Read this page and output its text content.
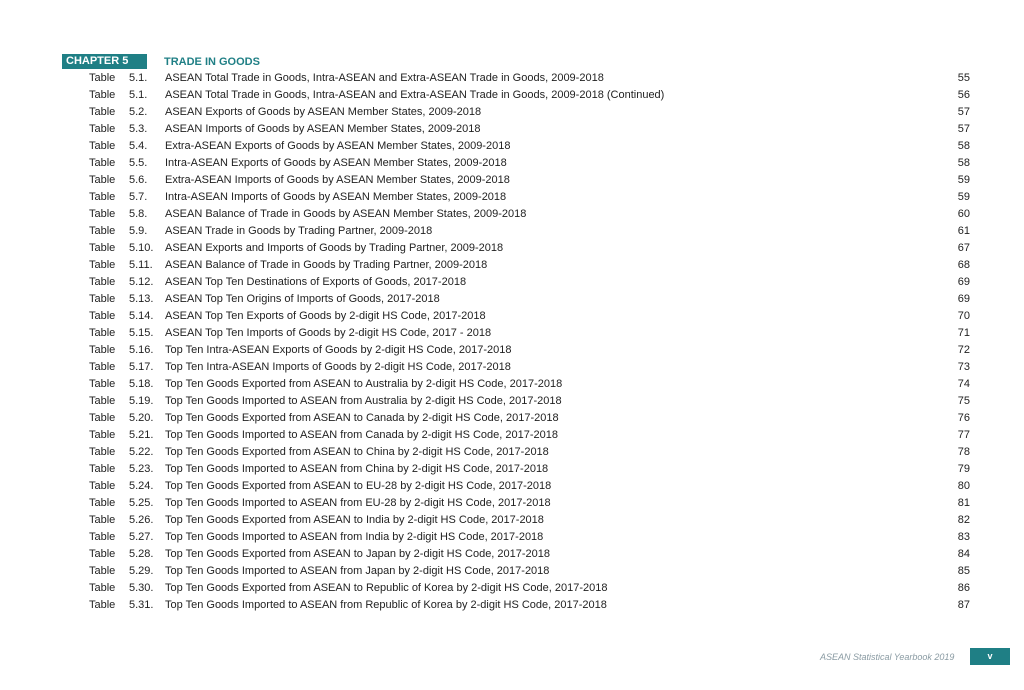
CHAPTER 5	TRADE IN GOODS
Table 5.1. ASEAN Total Trade in Goods, Intra-ASEAN and Extra-ASEAN Trade in Goods, 2009-2018	55
Table 5.1. ASEAN Total Trade in Goods, Intra-ASEAN and Extra-ASEAN Trade in Goods, 2009-2018 (Continued)	56
Table 5.2. ASEAN Exports of Goods by ASEAN Member States, 2009-2018	57
Table 5.3. ASEAN Imports of Goods by ASEAN Member States, 2009-2018	57
Table 5.4. Extra-ASEAN Exports of Goods by ASEAN Member States, 2009-2018	58
Table 5.5. Intra-ASEAN Exports of Goods by ASEAN Member States, 2009-2018	58
Table 5.6. Extra-ASEAN Imports of Goods by ASEAN Member States, 2009-2018	59
Table 5.7. Intra-ASEAN Imports of Goods by ASEAN Member States, 2009-2018	59
Table 5.8. ASEAN Balance of Trade in Goods by ASEAN Member States, 2009-2018	60
Table 5.9. ASEAN Trade in Goods by Trading Partner, 2009-2018	61
Table 5.10. ASEAN Exports and Imports of Goods by Trading Partner, 2009-2018	67
Table 5.11. ASEAN Balance of Trade in Goods by Trading Partner, 2009-2018	68
Table 5.12. ASEAN Top Ten Destinations of Exports of Goods, 2017-2018	69
Table 5.13. ASEAN Top Ten Origins of Imports of Goods, 2017-2018	69
Table 5.14. ASEAN Top Ten Exports of Goods by 2-digit HS Code, 2017-2018	70
Table 5.15. ASEAN Top Ten Imports of Goods by 2-digit HS Code, 2017 - 2018	71
Table 5.16. Top Ten Intra-ASEAN Exports of Goods by 2-digit HS Code, 2017-2018	72
Table 5.17. Top Ten Intra-ASEAN Imports of Goods by 2-digit HS Code, 2017-2018	73
Table 5.18. Top Ten Goods Exported from ASEAN to Australia by 2-digit HS Code, 2017-2018	74
Table 5.19. Top Ten Goods Imported to ASEAN from Australia by 2-digit HS Code, 2017-2018	75
Table 5.20. Top Ten Goods Exported from ASEAN to Canada by 2-digit HS Code, 2017-2018	76
Table 5.21. Top Ten Goods Imported to ASEAN from Canada by 2-digit HS Code, 2017-2018	77
Table 5.22. Top Ten Goods Exported from ASEAN to China by 2-digit HS Code, 2017-2018	78
Table 5.23. Top Ten Goods Imported to ASEAN from China by 2-digit HS Code, 2017-2018	79
Table 5.24. Top Ten Goods Exported from ASEAN to EU-28 by 2-digit HS Code, 2017-2018	80
Table 5.25. Top Ten Goods Imported to ASEAN from EU-28 by 2-digit HS Code, 2017-2018	81
Table 5.26. Top Ten Goods Exported from ASEAN to India by 2-digit HS Code, 2017-2018	82
Table 5.27. Top Ten Goods Imported to ASEAN from India by 2-digit HS Code, 2017-2018	83
Table 5.28. Top Ten Goods Exported from ASEAN to Japan by 2-digit HS Code, 2017-2018	84
Table 5.29. Top Ten Goods Imported to ASEAN from Japan by 2-digit HS Code, 2017-2018	85
Table 5.30. Top Ten Goods Exported from ASEAN to Republic of Korea by 2-digit HS Code, 2017-2018	86
Table 5.31. Top Ten Goods Imported to ASEAN from Republic of Korea by 2-digit HS Code, 2017-2018	87
ASEAN Statistical Yearbook 2019	v
